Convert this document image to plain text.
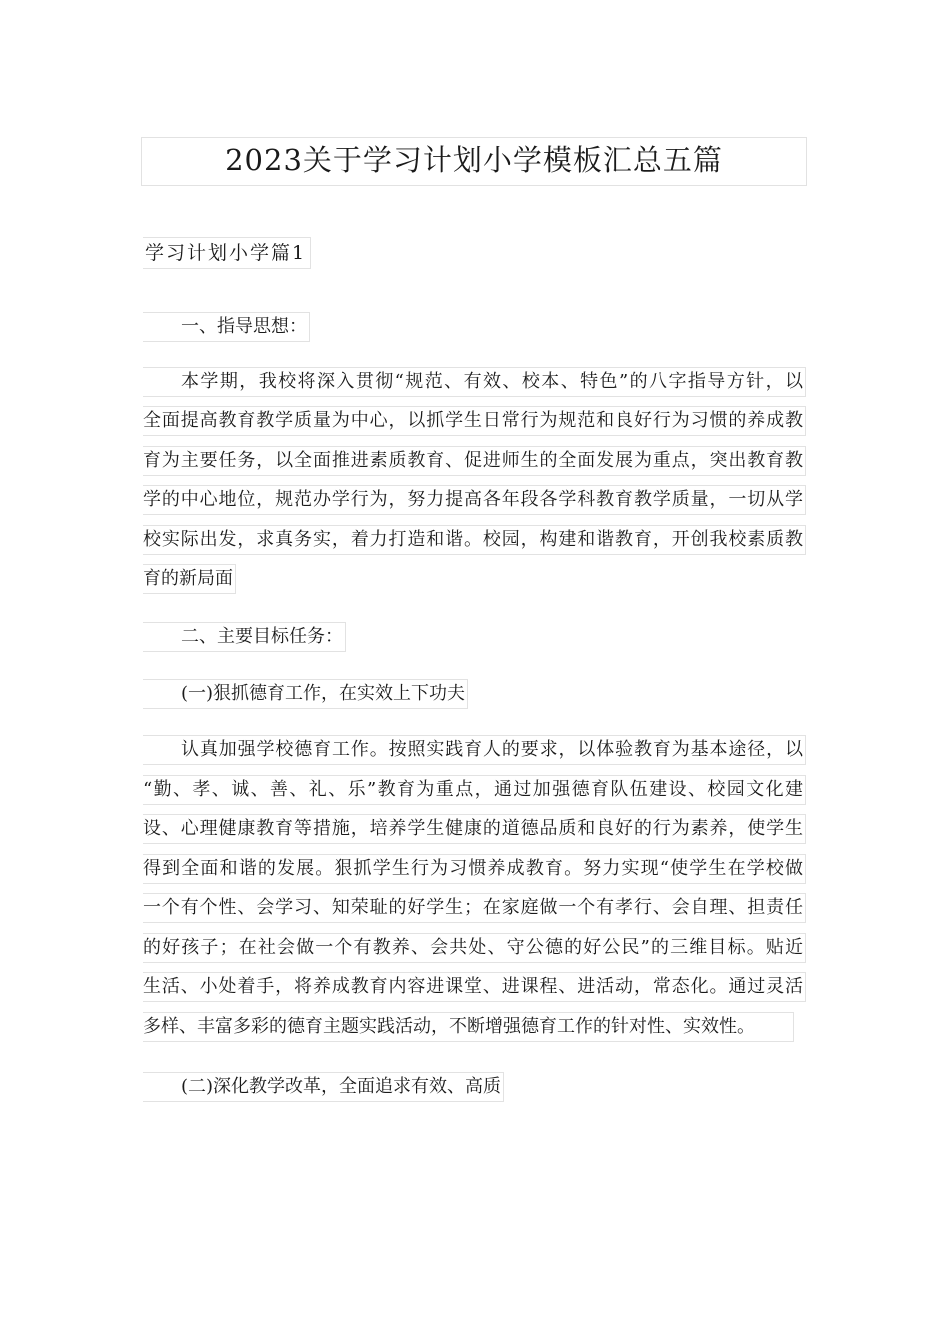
2023关于学习计划小学模板汇总五篇
学习计划小学篇1
一、指导思想：
本学期，我校将深入贯彻“规范、有效、校本、特色”的八字指导方针，以
全面提高教育教学质量为中心，以抓学生日常行为规范和良好行为习惯的养成教
育为主要任务，以全面推进素质教育、促进师生的全面发展为重点，突出教育教
学的中心地位，规范办学行为，努力提高各年段各学科教育教学质量，一切从学
校实际出发，求真务实，着力打造和谐。校园，构建和谐教育，开创我校素质教
育的新局面
二、主要目标任务：
(一)狠抓德育工作，在实效上下功夫
认真加强学校德育工作。按照实践育人的要求，以体验教育为基本途径，以
“勤、孝、诚、善、礼、乐”教育为重点，通过加强德育队伍建设、校园文化建
设、心理健康教育等措施，培养学生健康的道德品质和良好的行为素养，使学生
得到全面和谐的发展。狠抓学生行为习惯养成教育。努力实现“使学生在学校做
一个有个性、会学习、知荣耻的好学生；在家庭做一个有孝行、会自理、担责任
的好孩子；在社会做一个有教养、会共处、守公德的好公民”的三维目标。贴近
生活、小处着手，将养成教育内容进课堂、进课程、进活动，常态化。通过灵活
多样、丰富多彩的德育主题实践活动，不断增强德育工作的针对性、实效性。
(二)深化教学改革，全面追求有效、高质
